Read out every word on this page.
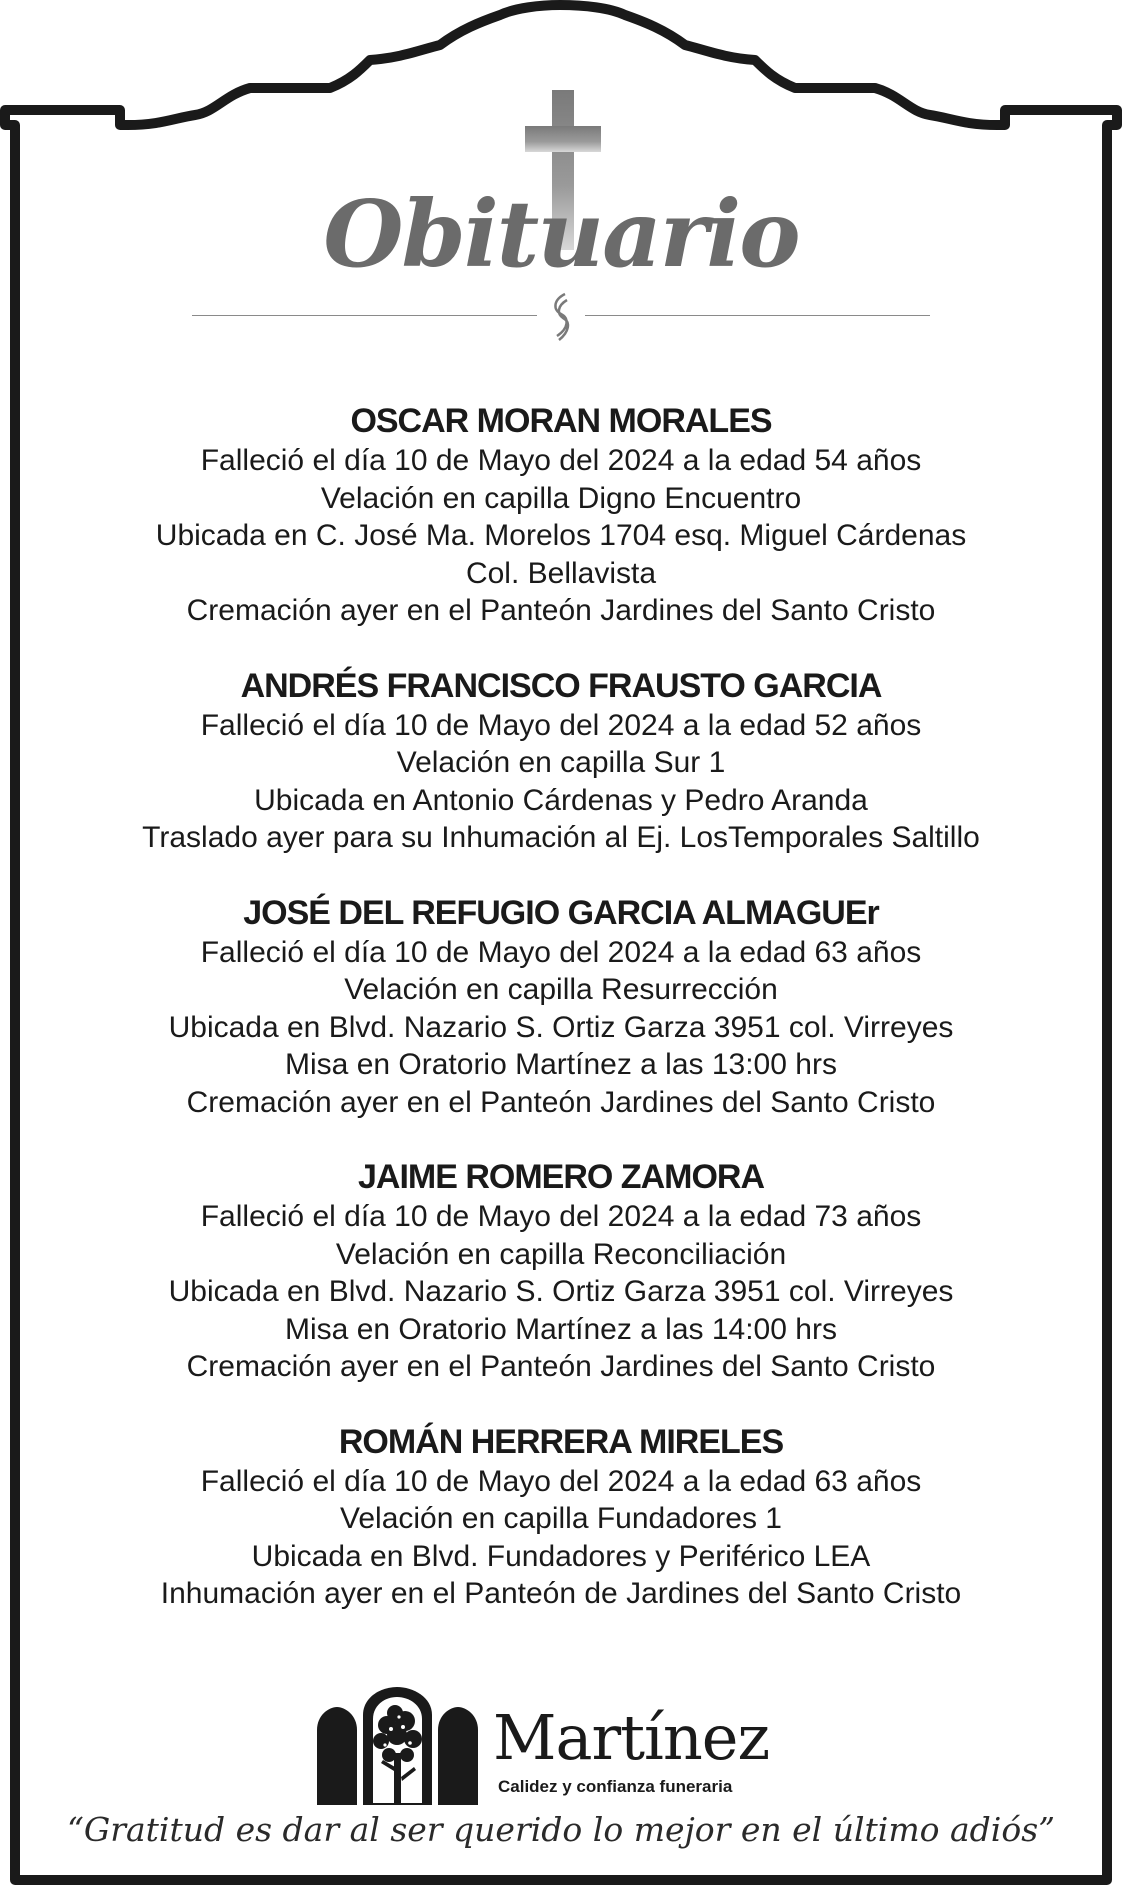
Obituario
OSCAR MORAN MORALES
Falleció el día 10 de Mayo del 2024 a la edad 54 años
Velación en capilla Digno Encuentro
Ubicada en C. José Ma. Morelos 1704 esq. Miguel Cárdenas
Col. Bellavista
Cremación ayer en el Panteón Jardines del Santo Cristo
ANDRÉS FRANCISCO FRAUSTO GARCIA
Falleció el día 10 de Mayo del 2024 a la edad 52 años
Velación en capilla Sur 1
Ubicada en Antonio Cárdenas y Pedro Aranda
Traslado ayer para su Inhumación al Ej. LosTemporales Saltillo
JOSÉ DEL REFUGIO GARCIA ALMAGUEr
Falleció el día 10 de Mayo del 2024 a la edad 63 años
Velación en capilla Resurrección
Ubicada en Blvd. Nazario S. Ortiz Garza 3951 col. Virreyes
Misa en Oratorio Martínez a las 13:00 hrs
Cremación ayer en el Panteón Jardines del Santo Cristo
JAIME ROMERO ZAMORA
Falleció el día 10 de Mayo del 2024 a la edad 73 años
Velación en capilla Reconciliación
Ubicada en Blvd. Nazario S. Ortiz Garza 3951 col. Virreyes
Misa en Oratorio Martínez a las 14:00 hrs
Cremación ayer en el Panteón Jardines del Santo Cristo
ROMÁN HERRERA MIRELES
Falleció el día 10 de Mayo del 2024 a la edad 63 años
Velación en capilla Fundadores 1
Ubicada en Blvd. Fundadores y Periférico LEA
Inhumación ayer en el Panteón de Jardines del Santo Cristo
Martínez
Calidez y confianza funeraria
“Gratitud es dar al ser querido lo mejor en el último adiós”
